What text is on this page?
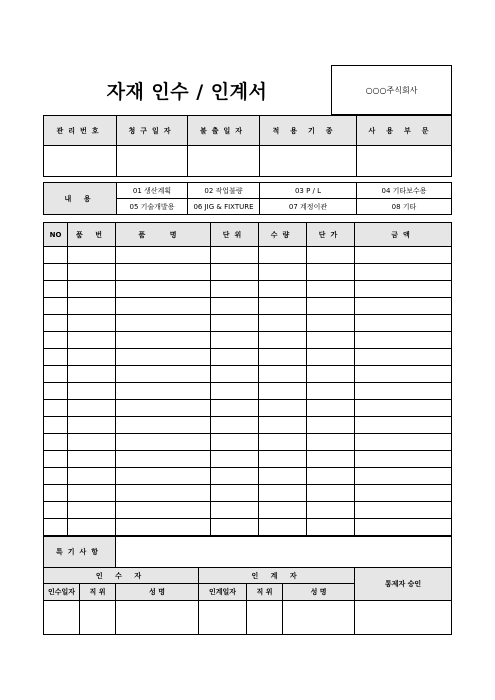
자재 인수 / 인계서	○○○주식회사
관리번호	청구일자	불출일자	적용기종	사용부문

내 용	01 생산계획	02 작업불량	03 P / L	04 기타보수용
	05 기술개발용	06 JIG & FIXTURE	07 계정이관	08 기타
NO	품 번	품 명	단위	수량	단가	금액

특기사항	
인 수 자			인 계 자			통제자 승인
인수일자	직 위	성 명	인계일자	직 위	성 명	
